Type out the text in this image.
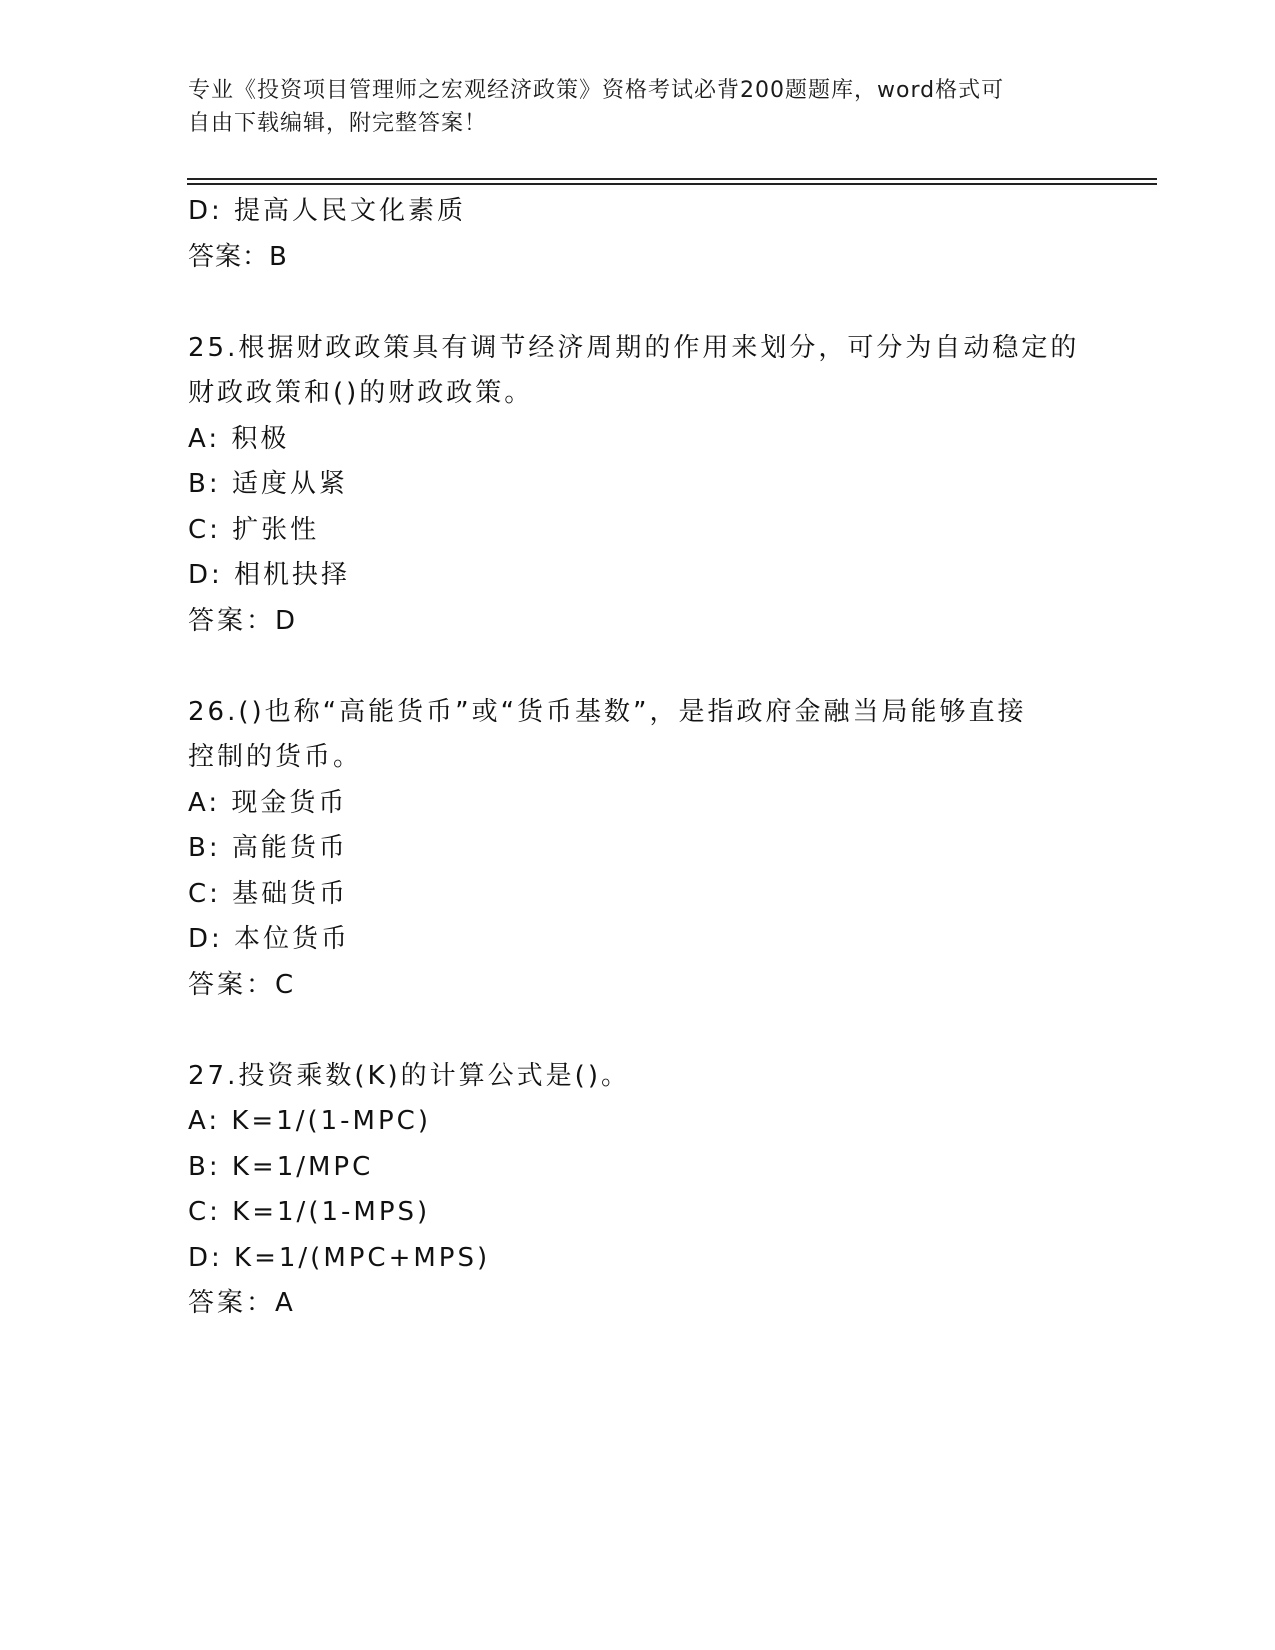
专业《投资项目管理师之宏观经济政策》资格考试必背200题题库，word格式可
自由下载编辑，附完整答案！
D: 提高人民文化素质
答案：B
25.根据财政政策具有调节经济周期的作用来划分，可分为自动稳定的
财政政策和()的财政政策。
A: 积极
B: 适度从紧
C: 扩张性
D: 相机抉择
答案：D
26.()也称“高能货币”或“货币基数”，是指政府金融当局能够直接
控制的货币。
A: 现金货币
B: 高能货币
C: 基础货币
D: 本位货币
答案：C
27.投资乘数(K)的计算公式是()。
A: K=1/(1-MPC)
B: K=1/MPC
C: K=1/(1-MPS)
D: K=1/(MPC+MPS)
答案：A
